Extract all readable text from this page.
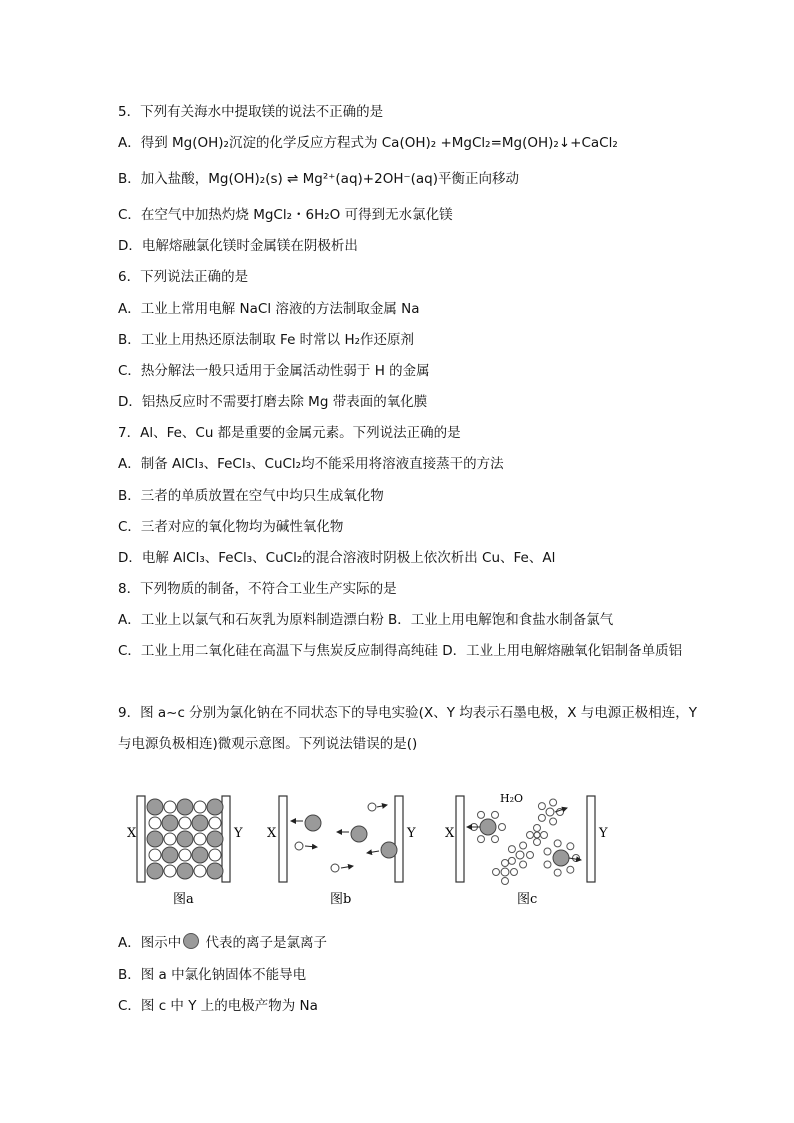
5．下列有关海水中提取镁的说法不正确的是
A．得到 Mg(OH)₂沉淀的化学反应方程式为 Ca(OH)₂ +MgCl₂=Mg(OH)₂↓+CaCl₂
B．加入盐酸，Mg(OH)₂(s) ⇌ Mg²⁺(aq)+2OH⁻(aq)平衡正向移动
C．在空气中加热灼烧 MgCl₂・6H₂O 可得到无水氯化镁
D．电解熔融氯化镁时金属镁在阴极析出
6．下列说法正确的是
A．工业上常用电解 NaCl 溶液的方法制取金属 Na
B．工业上用热还原法制取 Fe 时常以 H₂作还原剂
C．热分解法一般只适用于金属活动性弱于 H 的金属
D．铝热反应时不需要打磨去除 Mg 带表面的氧化膜
7．Al、Fe、Cu 都是重要的金属元素。下列说法正确的是
A．制备 AlCl₃、FeCl₃、CuCl₂均不能采用将溶液直接蒸干的方法
B．三者的单质放置在空气中均只生成氧化物
C．三者对应的氧化物均为碱性氧化物
D．电解 AlCl₃、FeCl₃、CuCl₂的混合溶液时阴极上依次析出 Cu、Fe、Al
8．下列物质的制备，不符合工业生产实际的是
A．工业上以氯气和石灰乳为原料制造漂白粉 B．工业上用电解饱和食盐水制备氯气
C．工业上用二氧化硅在高温下与焦炭反应制得高纯硅 D．工业上用电解熔融氧化铝制备单质铝
9．图 a~c 分别为氯化钠在不同状态下的导电实验(X、Y 均表示石墨电极，X 与电源正极相连，Y 与电源负极相连)微观示意图。下列说法错误的是()
X	Y
图a
X	Y
图b
X	Y
H₂O
图c
A．图示中 代表的离子是氯离子
B．图 a 中氯化钠固体不能导电
C．图 c 中 Y 上的电极产物为 Na
